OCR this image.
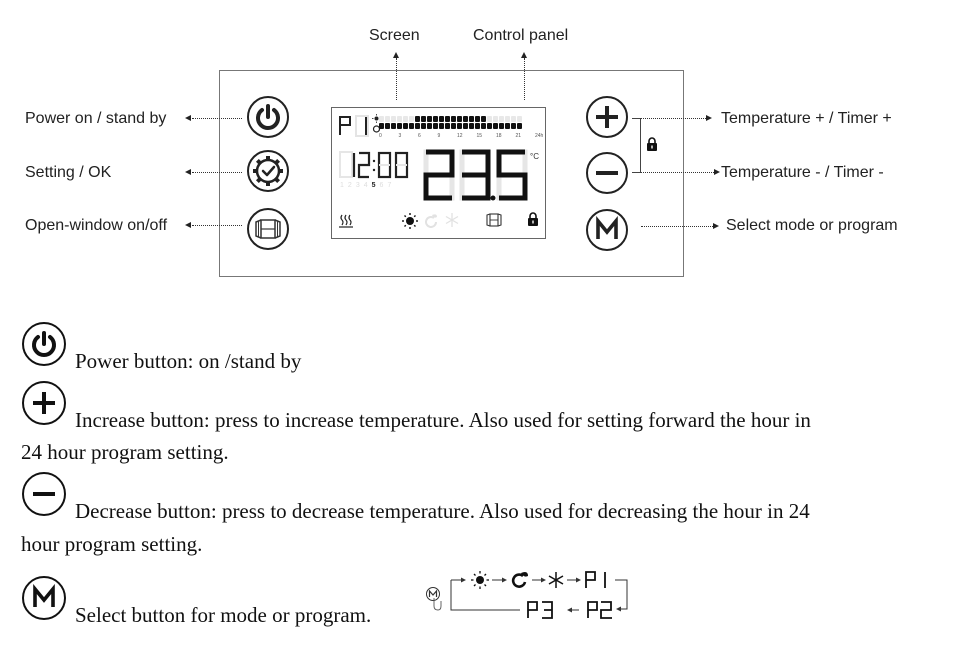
Screen	Control panel
Power on / stand by
Setting / OK
Open-window on/off
0	3	6	9	12	15	18	21	24h
1234567
°C
Temperature + / Timer +
Temperature - / Timer -
Select mode or program
Power button: on /stand by
Increase button: press to increase temperature. Also used for setting forward the hour in
24 hour program setting.
Decrease button: press to decrease temperature. Also used for decreasing the hour in 24
hour program setting.
Select button for mode or program.
